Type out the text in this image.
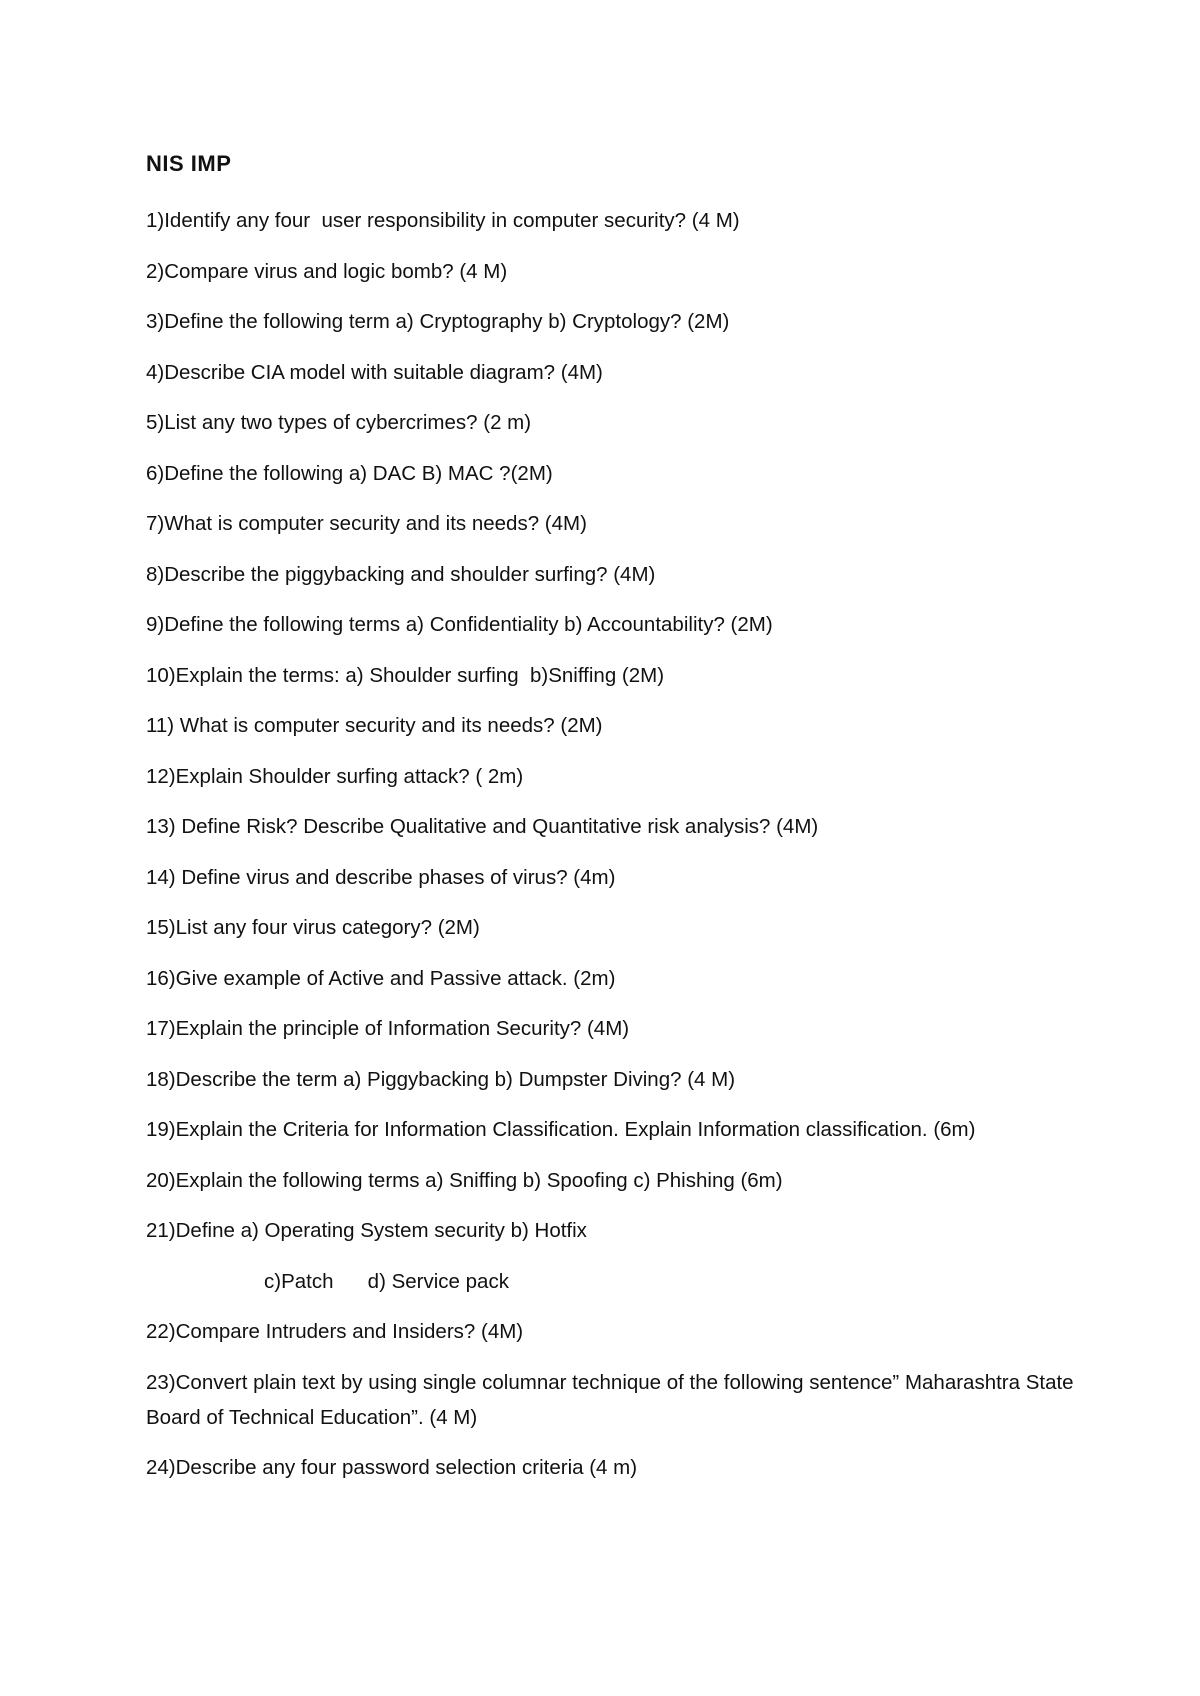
NIS IMP
1)Identify any four  user responsibility in computer security? (4 M)
2)Compare virus and logic bomb? (4 M)
3)Define the following term a) Cryptography b) Cryptology? (2M)
4)Describe CIA model with suitable diagram? (4M)
5)List any two types of cybercrimes? (2 m)
6)Define the following a) DAC B) MAC ?(2M)
7)What is computer security and its needs? (4M)
8)Describe the piggybacking and shoulder surfing? (4M)
9)Define the following terms a) Confidentiality b) Accountability? (2M)
10)Explain the terms: a) Shoulder surfing  b)Sniffing (2M)
11) What is computer security and its needs? (2M)
12)Explain Shoulder surfing attack? ( 2m)
13) Define Risk? Describe Qualitative and Quantitative risk analysis? (4M)
14) Define virus and describe phases of virus? (4m)
15)List any four virus category? (2M)
16)Give example of Active and Passive attack. (2m)
17)Explain the principle of Information Security? (4M)
18)Describe the term a) Piggybacking b) Dumpster Diving? (4 M)
19)Explain the Criteria for Information Classification. Explain Information classification. (6m)
20)Explain the following terms a) Sniffing b) Spoofing c) Phishing (6m)
21)Define a) Operating System security b) Hotfix
c)Patch      d) Service pack
22)Compare Intruders and Insiders? (4M)
23)Convert plain text by using single columnar technique of the following sentence” Maharashtra State Board of Technical Education”. (4 M)
24)Describe any four password selection criteria (4 m)
